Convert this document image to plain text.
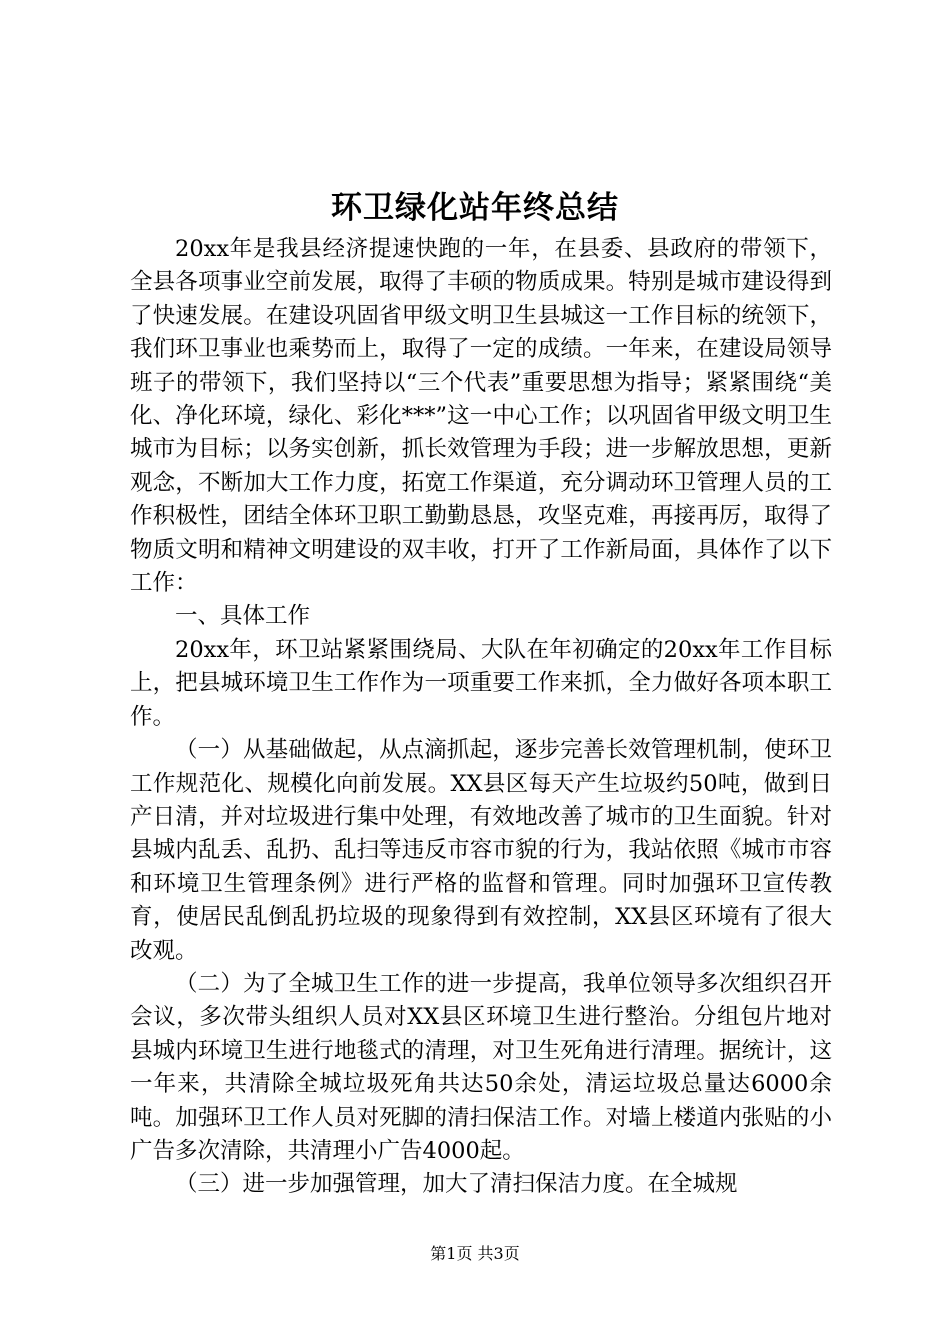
环卫绿化站年终总结

20xx年是我县经济提速快跑的一年，在县委、县政府的带领下，全县各项事业空前发展，取得了丰硕的物质成果。特别是城市建设得到了快速发展。在建设巩固省甲级文明卫生县城这一工作目标的统领下，我们环卫事业也乘势而上，取得了一定的成绩。一年来，在建设局领导班子的带领下，我们坚持以“三个代表”重要思想为指导；紧紧围绕“美化、净化环境，绿化、彩化***”这一中心工作；以巩固省甲级文明卫生城市为目标；以务实创新，抓长效管理为手段；进一步解放思想，更新观念，不断加大工作力度，拓宽工作渠道，充分调动环卫管理人员的工作积极性，团结全体环卫职工勤勤恳恳，攻坚克难，再接再厉，取得了物质文明和精神文明建设的双丰收，打开了工作新局面，具体作了以下工作：

一、具体工作

20xx年，环卫站紧紧围绕局、大队在年初确定的20xx年工作目标上，把县城环境卫生工作作为一项重要工作来抓，全力做好各项本职工作。

（一）从基础做起，从点滴抓起，逐步完善长效管理机制，使环卫工作规范化、规模化向前发展。XX县区每天产生垃圾约50吨，做到日产日清，并对垃圾进行集中处理，有效地改善了城市的卫生面貌。针对县城内乱丢、乱扔、乱扫等违反市容市貌的行为，我站依照《城市市容和环境卫生管理条例》进行严格的监督和管理。同时加强环卫宣传教育，使居民乱倒乱扔垃圾的现象得到有效控制，XX县区环境有了很大改观。

（二）为了全城卫生工作的进一步提高，我单位领导多次组织召开会议，多次带头组织人员对XX县区环境卫生进行整治。分组包片地对县城内环境卫生进行地毯式的清理，对卫生死角进行清理。据统计，这一年来，共清除全城垃圾死角共达50余处，清运垃圾总量达6000余吨。加强环卫工作人员对死脚的清扫保洁工作。对墙上楼道内张贴的小广告多次清除，共清理小广告4000起。

（三）进一步加强管理，加大了清扫保洁力度。在全城规

第1页 共3页
